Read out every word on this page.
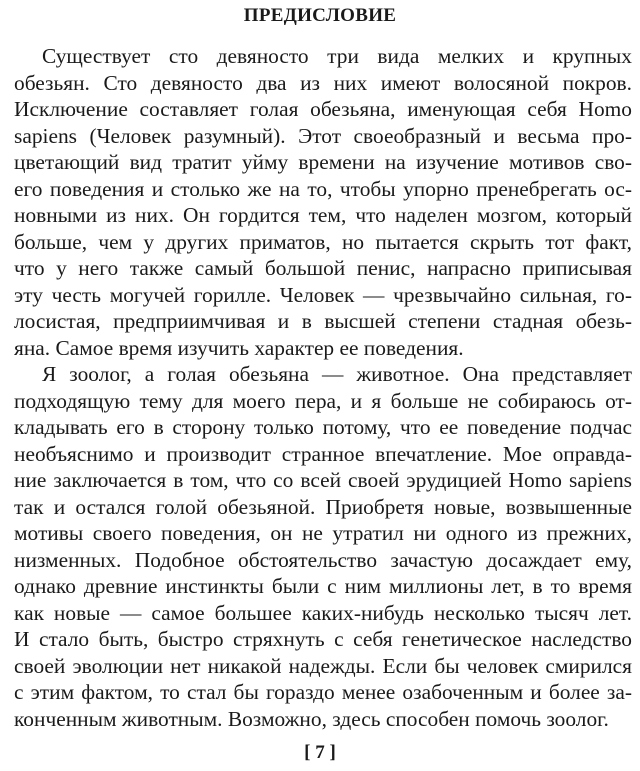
ПРЕДИСЛОВИЕ
Существует сто девяносто три вида мелких и крупных
обезьян. Сто девяносто два из них имеют волосяной покров.
Исключение составляет голая обезьяна, именующая себя Homo
sapiens (Человек разумный). Этот своеобразный и весьма про-
цветающий вид тратит уйму времени на изучение мотивов сво-
его поведения и столько же на то, чтобы упорно пренебрегать ос-
новными из них. Он гордится тем, что наделен мозгом, который
больше, чем у других приматов, но пытается скрыть тот факт,
что у него также самый большой пенис, напрасно приписывая
эту честь могучей горилле. Человек — чрезвычайно сильная, го-
лосистая, предприимчивая и в высшей степени стадная обезь-
яна. Самое время изучить характер ее поведения.
Я зоолог, а голая обезьяна — животное. Она представляет
подходящую тему для моего пера, и я больше не собираюсь от-
кладывать его в сторону только потому, что ее поведение подчас
необъяснимо и производит странное впечатление. Мое оправда-
ние заключается в том, что со всей своей эрудицией Homo sapiens
так и остался голой обезьяной. Приобретя новые, возвышенные
мотивы своего поведения, он не утратил ни одного из прежних,
низменных. Подобное обстоятельство зачастую досаждает ему,
однако древние инстинкты были с ним миллионы лет, в то время
как новые — самое большее каких-нибудь несколько тысяч лет.
И стало быть, быстро стряхнуть с себя генетическое наследство
своей эволюции нет никакой надежды. Если бы человек смирился
с этим фактом, то стал бы гораздо менее озабоченным и более за-
конченным животным. Возможно, здесь способен помочь зоолог.
[ 7 ]
